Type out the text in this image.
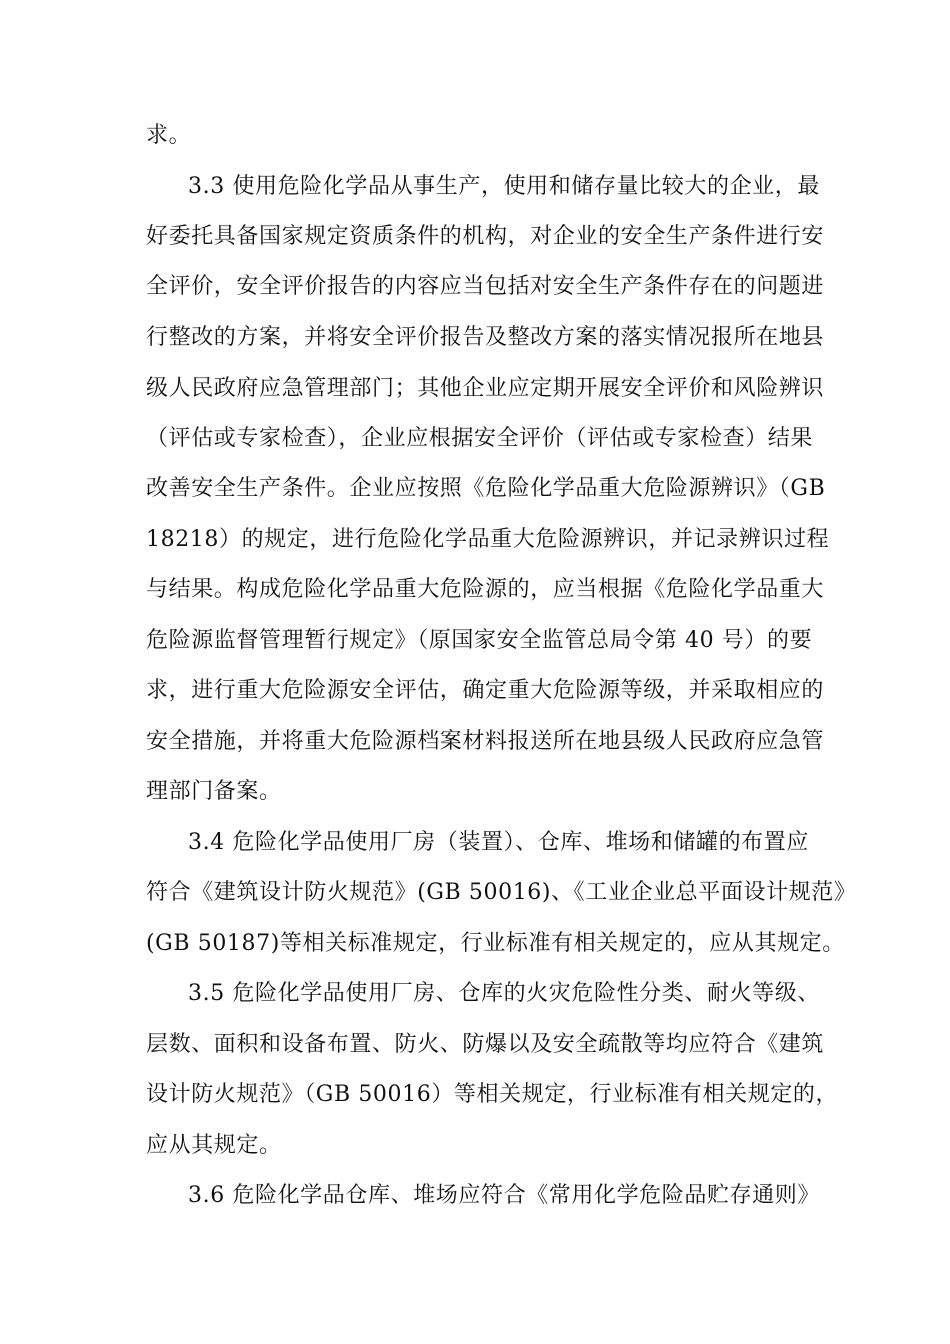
求。
3.3 使用危险化学品从事生产，使用和储存量比较大的企业，最
好委托具备国家规定资质条件的机构，对企业的安全生产条件进行安
全评价，安全评价报告的内容应当包括对安全生产条件存在的问题进
行整改的方案，并将安全评价报告及整改方案的落实情况报所在地县
级人民政府应急管理部门；其他企业应定期开展安全评价和风险辨识
（评估或专家检查），企业应根据安全评价（评估或专家检查）结果
改善安全生产条件。企业应按照《危险化学品重大危险源辨识》（GB
18218）的规定，进行危险化学品重大危险源辨识，并记录辨识过程
与结果。构成危险化学品重大危险源的，应当根据《危险化学品重大
危险源监督管理暂行规定》（原国家安全监管总局令第 40 号）的要
求，进行重大危险源安全评估，确定重大危险源等级，并采取相应的
安全措施，并将重大危险源档案材料报送所在地县级人民政府应急管
理部门备案。
3.4 危险化学品使用厂房（装置）、仓库、堆场和储罐的布置应
符合《建筑设计防火规范》(GB 50016)、《工业企业总平面设计规范》
(GB 50187)等相关标准规定，行业标准有相关规定的，应从其规定。
3.5 危险化学品使用厂房、仓库的火灾危险性分类、耐火等级、
层数、面积和设备布置、防火、防爆以及安全疏散等均应符合《建筑
设计防火规范》（GB 50016）等相关规定，行业标准有相关规定的，
应从其规定。
3.6 危险化学品仓库、堆场应符合《常用化学危险品贮存通则》
